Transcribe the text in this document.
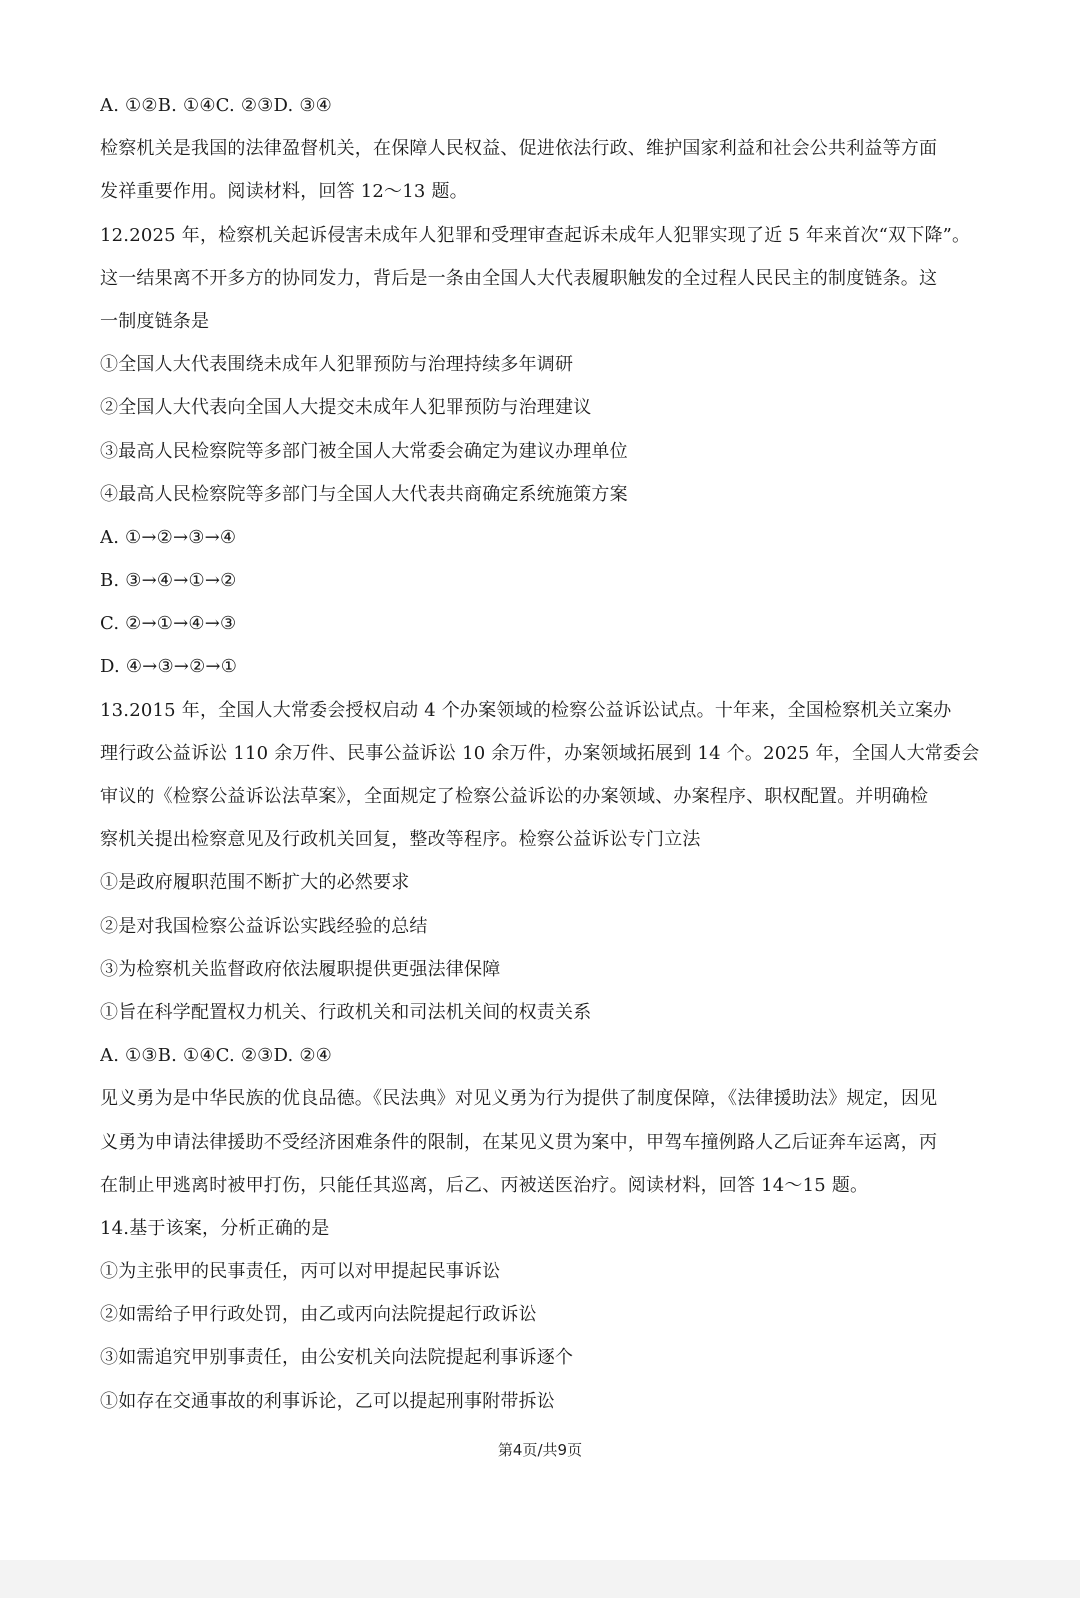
A. ①②B. ①④C. ②③D. ③④
检察机关是我国的法律盈督机关，在保障人民权益、促进依法行政、维护国家利益和社会公共利益等方面
发祥重要作用。阅读材料，回答 12～13 题。
12.2025 年，检察机关起诉侵害未成年人犯罪和受理审查起诉未成年人犯罪实现了近 5 年来首次“双下降”。
这一结果离不开多方的协同发力，背后是一条由全国人大代表履职触发的全过程人民民主的制度链条。这
一制度链条是
①全国人大代表围绕未成年人犯罪预防与治理持续多年调研
②全国人大代表向全国人大提交未成年人犯罪预防与治理建议
③最高人民检察院等多部门被全国人大常委会确定为建议办理单位
④最高人民检察院等多部门与全国人大代表共商确定系统施策方案
A. ①→②→③→④
B. ③→④→①→②
C. ②→①→④→③
D. ④→③→②→①
13.2015 年，全国人大常委会授权启动 4 个办案领域的检察公益诉讼试点。十年来，全国检察机关立案办
理行政公益诉讼 110 余万件、民事公益诉讼 10 余万件，办案领域拓展到 14 个。2025 年，全国人大常委会
审议的《检察公益诉讼法草案》，全面规定了检察公益诉讼的办案领域、办案程序、职权配置。并明确检
察机关提出检察意见及行政机关回复，整改等程序。检察公益诉讼专门立法
①是政府履职范围不断扩大的必然要求
②是对我国检察公益诉讼实践经验的总结
③为检察机关监督政府依法履职提供更强法律保障
①旨在科学配置权力机关、行政机关和司法机关间的权责关系
A. ①③B. ①④C. ②③D. ②④
见义勇为是中华民族的优良品德。《民法典》对见义勇为行为提供了制度保障，《法律援助法》规定，因见
义勇为申请法律援助不受经济困难条件的限制，在某见义贯为案中，甲驾车撞例路人乙后证奔车运离，丙
在制止甲逃离时被甲打伤，只能任其巡离，后乙、丙被送医治疗。阅读材料，回答 14～15 题。
14.基于该案，分析正确的是
①为主张甲的民事责任，丙可以对甲提起民事诉讼
②如需给子甲行政处罚，由乙或丙向法院提起行政诉讼
③如需追究甲别事责任，由公安机关向法院提起利事诉逐个
①如存在交通事故的利事诉论，乙可以提起刑事附带拆讼
第4页/共9页
